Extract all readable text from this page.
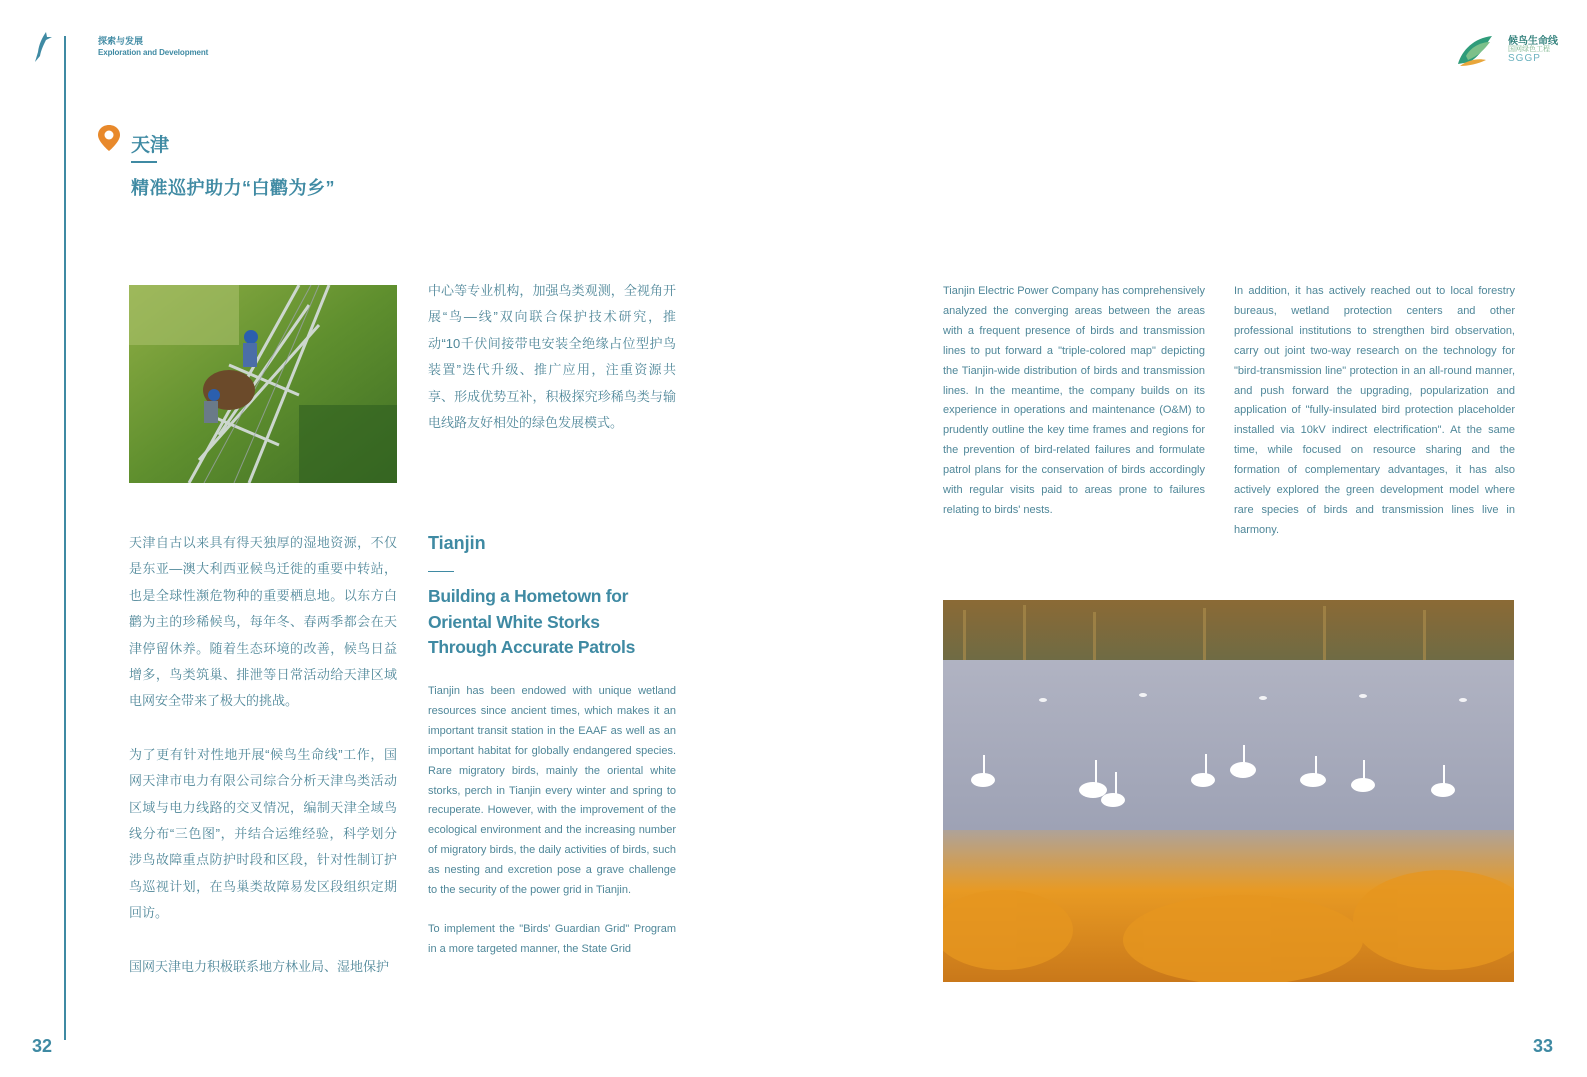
探索与发展
Exploration and Development
天津
精准巡护助力“白鹳为乡”

中心等专业机构，加强鸟类观测，全视角开展“鸟—线”双向联合保护技术研究，推动“10千伏间接带电安装全绝缘占位型护鸟装置”迭代升级、推广应用，注重资源共享、形成优势互补，积极探究珍稀鸟类与输电线路友好相处的绿色发展模式。

天津自古以来具有得天独厚的湿地资源，不仅是东亚—澳大利西亚候鸟迁徙的重要中转站，也是全球性濒危物种的重要栖息地。以东方白鹳为主的珍稀候鸟，每年冬、春两季都会在天津停留休养。随着生态环境的改善，候鸟日益增多，鸟类筑巢、排泄等日常活动给天津区域电网安全带来了极大的挑战。

为了更有针对性地开展“候鸟生命线”工作，国网天津市电力有限公司综合分析天津鸟类活动区域与电力线路的交叉情况，编制天津全域鸟线分布“三色图”，并结合运维经验，科学划分涉鸟故障重点防护时段和区段，针对性制订护鸟巡视计划，在鸟巢类故障易发区段组织定期回访。

国网天津电力积极联系地方林业局、湿地保护

Tianjin
Building a Hometown for Oriental White Storks Through Accurate Patrols

Tianjin has been endowed with unique wetland resources since ancient times, which makes it an important transit station in the EAAF as well as an important habitat for globally endangered species. Rare migratory birds, mainly the oriental white storks, perch in Tianjin every winter and spring to recuperate. However, with the improvement of the ecological environment and the increasing number of migratory birds, the daily activities of birds, such as nesting and excretion pose a grave challenge to the security of the power grid in Tianjin.

To implement the "Birds' Guardian Grid" Program in a more targeted manner, the State Grid

候鸟生命线
国网绿色工程
SGGP

Tianjin Electric Power Company has comprehensively analyzed the converging areas between the areas with a frequent presence of birds and transmission lines to put forward a "triple-colored map" depicting the Tianjin-wide distribution of birds and transmission lines. In the meantime, the company builds on its experience in operations and maintenance (O&M) to prudently outline the key time frames and regions for the prevention of bird-related failures and formulate patrol plans for the conservation of birds accordingly with regular visits paid to areas prone to failures relating to birds' nests.

In addition, it has actively reached out to local forestry bureaus, wetland protection centers and other professional institutions to strengthen bird observation, carry out joint two-way research on the technology for "bird-transmission line" protection in an all-round manner, and push forward the upgrading, popularization and application of "fully-insulated bird protection placeholder installed via 10kV indirect electrification". At the same time, while focused on resource sharing and the formation of complementary advantages, it has also actively explored the green development model where rare species of birds and transmission lines live in harmony.

32	33
